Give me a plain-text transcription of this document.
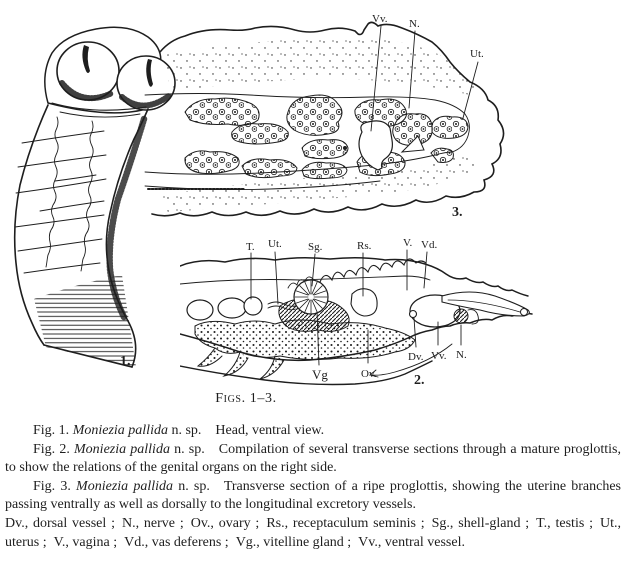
1.
Vv. N.
Ut.
3.
T. Ut. Sg.	Rs.	V. Vd.
Dv. Vv. N.
Vg	Ov.	2.
Figs. 1–3.

Fig. 1. Moniezia pallida n. sp. Head, ventral view.

Fig. 2. Moniezia pallida n. sp. Compilation of several transverse sections through a mature proglottis, to show the relations of the genital organs on the right side.

Fig. 3. Moniezia pallida n. sp. Transverse section of a ripe proglottis, showing the uterine branches passing ventrally as well as dorsally to the longitudinal excretory vessels.

Dv., dorsal vessel ; N., nerve ; Ov., ovary ; Rs., receptaculum seminis ; Sg., shell-gland ; T., testis ; Ut., uterus ; V., vagina ; Vd., vas deferens ; Vg., vitelline gland ; Vv., ventral vessel.
